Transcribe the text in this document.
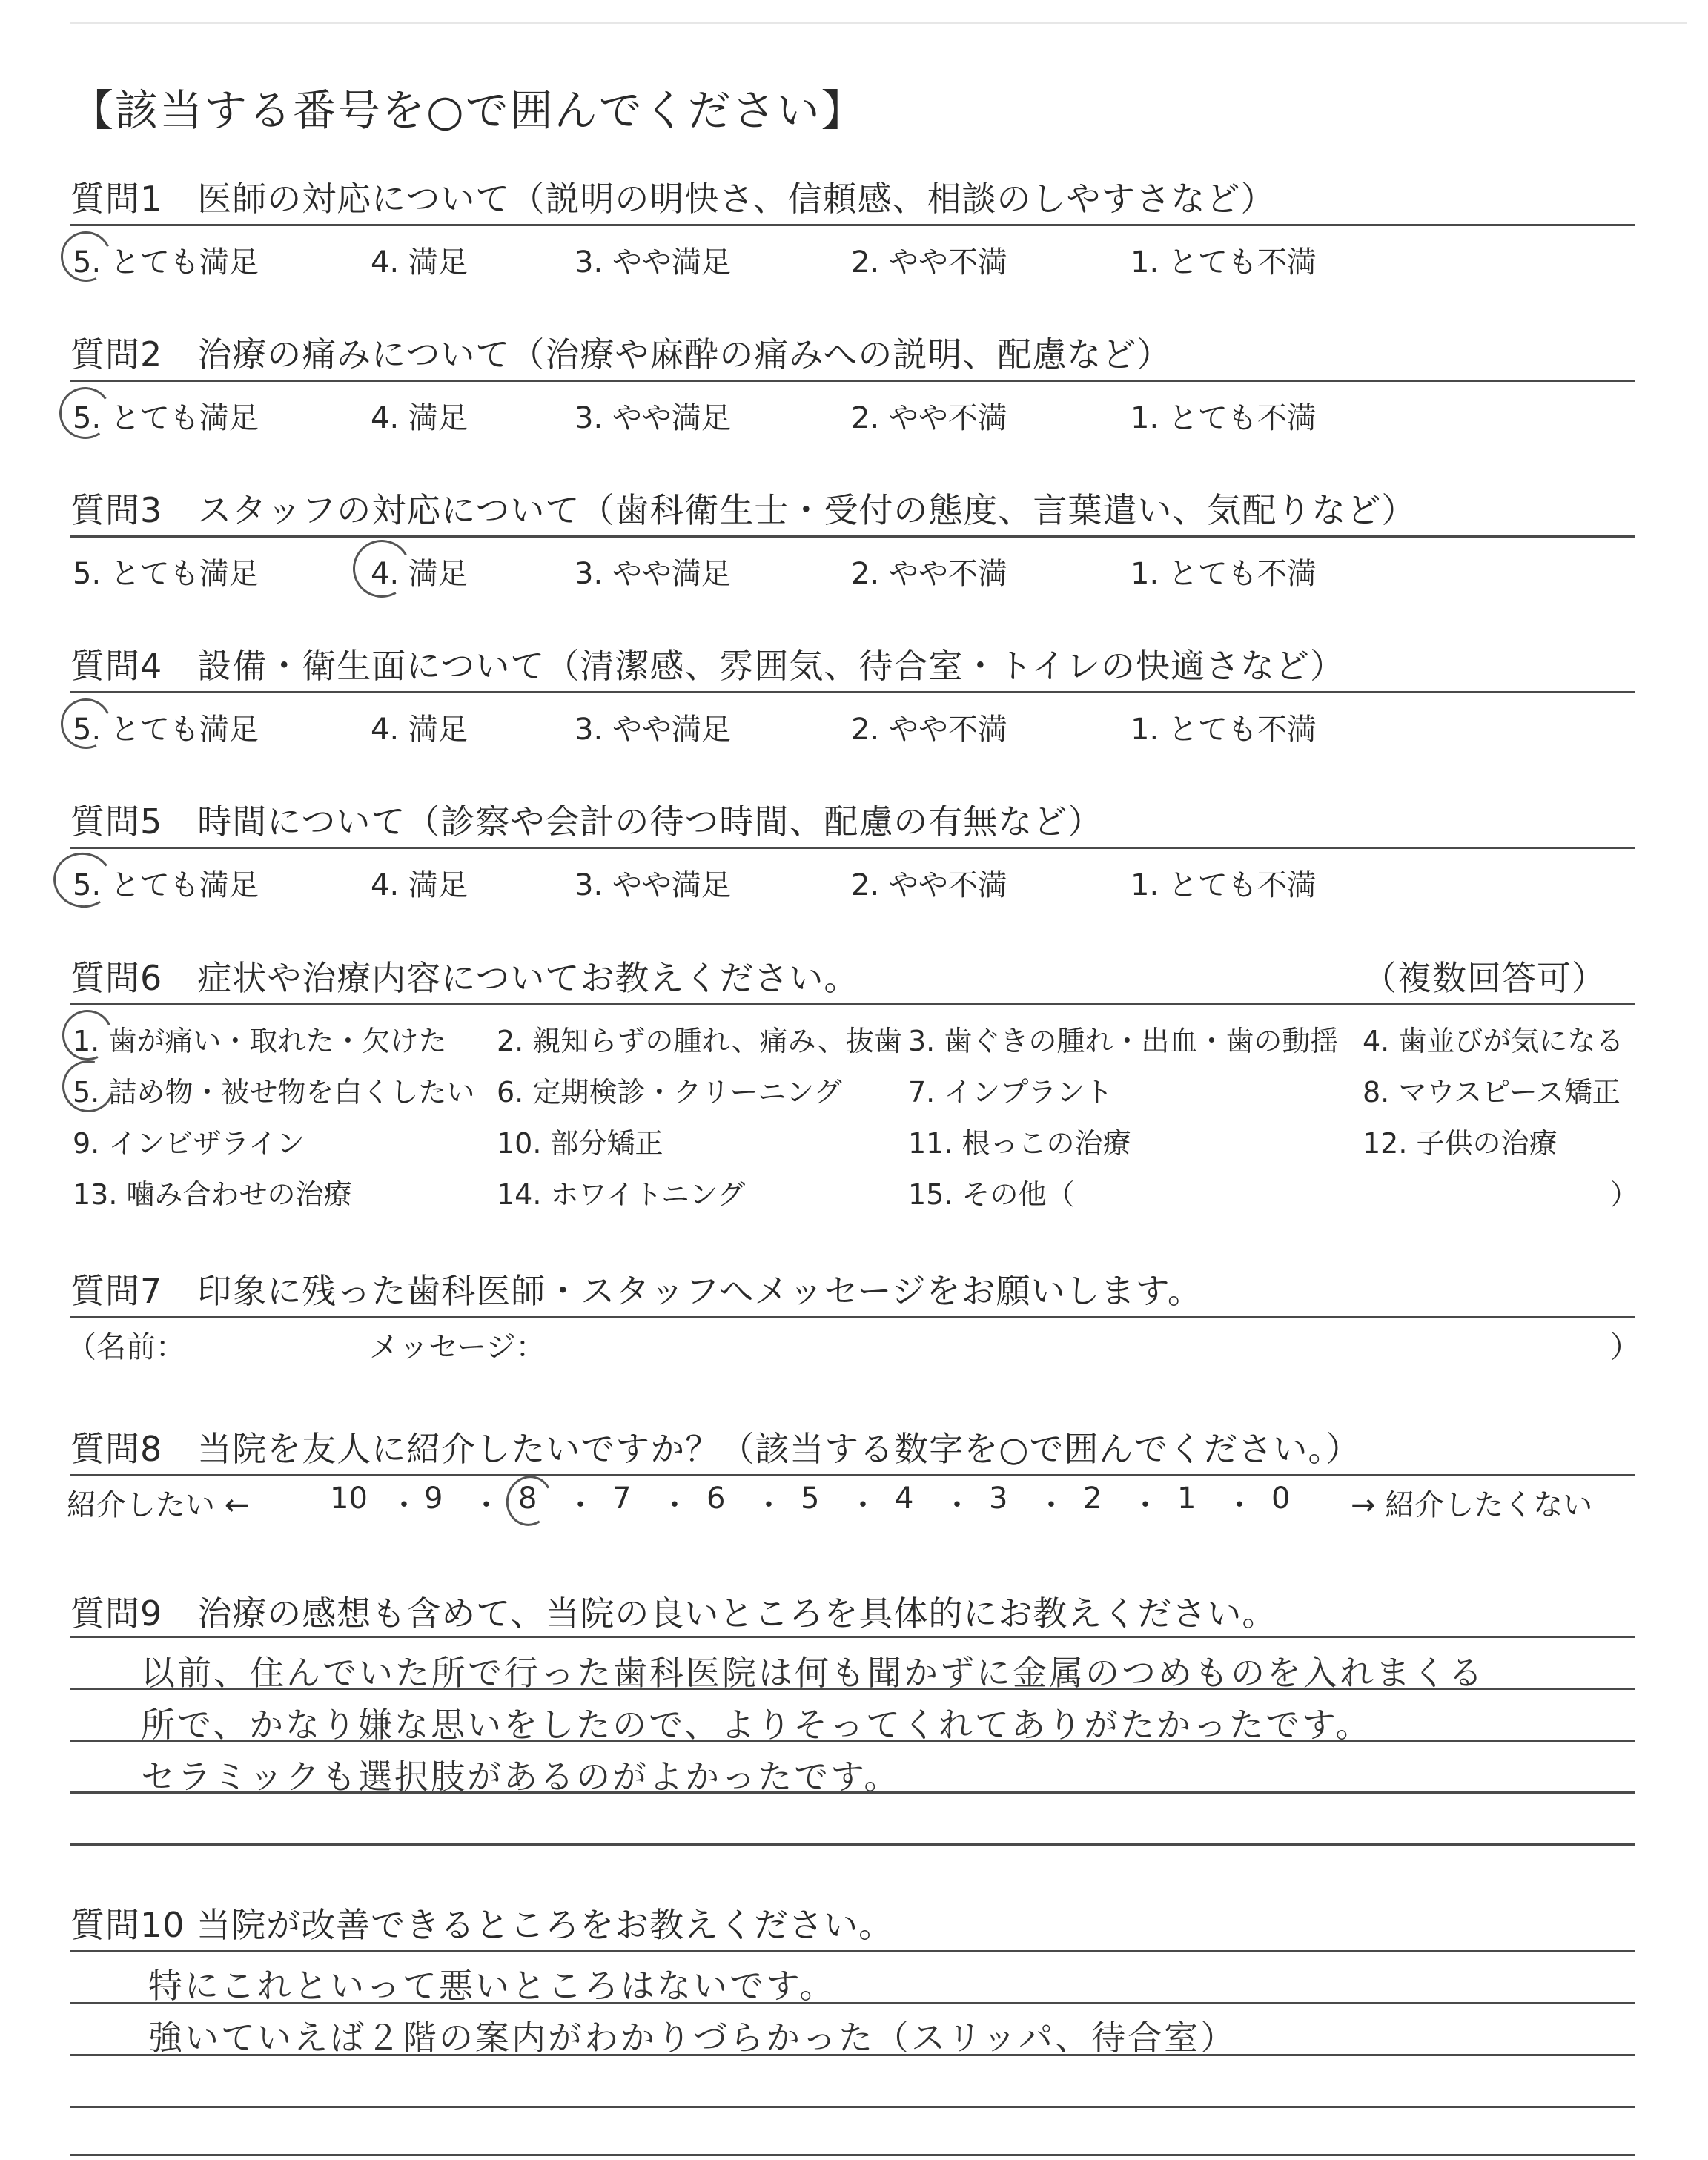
【該当する番号を○で囲んでください】
質問1　医師の対応について（説明の明快さ、信頼感、相談のしやすさなど）
5. とても満足	4. 満足	3. やや満足	2. やや不満	1. とても不満
質問2　治療の痛みについて（治療や麻酔の痛みへの説明、配慮など）
5. とても満足	4. 満足	3. やや満足	2. やや不満	1. とても不満
質問3　スタッフの対応について（歯科衛生士・受付の態度、言葉遣い、気配りなど）
5. とても満足	4. 満足	3. やや満足	2. やや不満	1. とても不満
質問4　設備・衛生面について（清潔感、雰囲気、待合室・トイレの快適さなど）
5. とても満足	4. 満足	3. やや満足	2. やや不満	1. とても不満
質問5　時間について（診察や会計の待つ時間、配慮の有無など）
5. とても満足	4. 満足	3. やや満足	2. やや不満	1. とても不満
質問6　症状や治療内容についてお教えください。	（複数回答可）
1. 歯が痛い・取れた・欠けた 2. 親知らずの腫れ、痛み、抜歯 3. 歯ぐきの腫れ・出血・歯の動揺 4. 歯並びが気になる
5. 詰め物・被せ物を白くしたい 6. 定期検診・クリーニング 7. インプラント	8. マウスピース矯正
9. インビザライン	10. 部分矯正	11. 根っこの治療	12. 子供の治療
13. 噛み合わせの治療	14. ホワイトニング	15. その他（	）
質問7　印象に残った歯科医師・スタッフへメッセージをお願いします。
（名前：	メッセージ：	）
質問8　当院を友人に紹介したいですか？（該当する数字を○で囲んでください。）
紹介したい ←	10 ・ 9 ・ 8 ・ 7 ・ 6 ・ 5 ・ 4 ・ 3 ・ 2 ・ 1 ・ 0 → 紹介したくない
質問9　治療の感想も含めて、当院の良いところを具体的にお教えください。
以前、住んでいた所で行った歯科医院は何も聞かずに金属のつめものを入れまくる
所で、かなり嫌な思いをしたので、よりそってくれてありがたかったです。
セラミックも選択肢があるのがよかったです。
質問10 当院が改善できるところをお教えください。
特にこれといって悪いところはないです。
強いていえば２階の案内がわかりづらかった（スリッパ、待合室）
